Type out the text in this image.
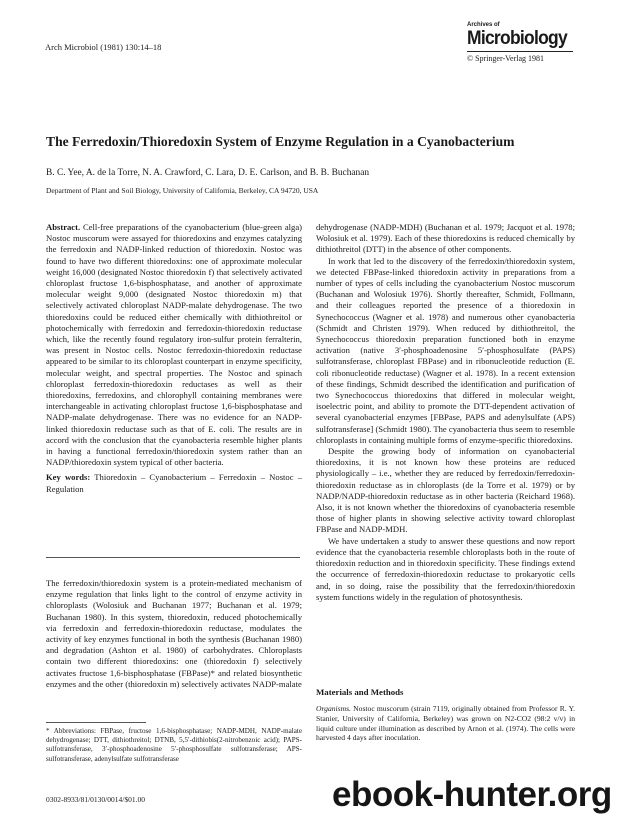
Arch Microbiol (1981) 130:14–18
Archives of
Microbiology
© Springer-Verlag 1981
The Ferredoxin/Thioredoxin System of Enzyme Regulation in a Cyanobacterium
B. C. Yee, A. de la Torre, N. A. Crawford, C. Lara, D. E. Carlson, and B. B. Buchanan
Department of Plant and Soil Biology, University of California, Berkeley, CA 94720, USA
Abstract. Cell-free preparations of the cyanobacterium (blue-green alga) Nostoc muscorum were assayed for thioredoxins and enzymes catalyzing the ferredoxin and NADP-linked reduction of thioredoxin. Nostoc was found to have two different thioredoxins: one of approximate molecular weight 16,000 (designated Nostoc thioredoxin f) that selectively activated chloroplast fructose 1,6-bisphosphatase, and another of approximate molecular weight 9,000 (designated Nostoc thioredoxin m) that selectively activated chloroplast NADP-malate dehydrogenase. The two thioredoxins could be reduced either chemically with dithiothreitol or photochemically with ferredoxin and ferredoxin-thioredoxin reductase which, like the recently found regulatory iron-sulfur protein ferralterin, was present in Nostoc cells. Nostoc ferredoxin-thioredoxin reductase appeared to be similar to its chloroplast counterpart in enzyme specificity, molecular weight, and spectral properties. The Nostoc and spinach chloroplast ferredoxin-thioredoxin reductases as well as their thioredoxins, ferredoxins, and chlorophyll containing membranes were interchangeable in activating chloroplast fructose 1,6-bisphosphatase and NADP-malate dehydrogenase. There was no evidence for an NADP-linked thioredoxin reductase such as that of E. coli. The results are in accord with the conclusion that the cyanobacteria resemble higher plants in having a functional ferredoxin/thioredoxin system rather than an NADP/thioredoxin system typical of other bacteria.
Key words: Thioredoxin – Cyanobacterium – Ferredoxin – Nostoc – Regulation
The ferredoxin/thioredoxin system is a protein-mediated mechanism of enzyme regulation that links light to the control of enzyme activity in chloroplasts (Wolosiuk and Buchanan 1977; Buchanan et al. 1979; Buchanan 1980). In this system, thioredoxin, reduced photochemically via ferredoxin and ferredoxin-thioredoxin reductase, modulates the activity of key enzymes functional in both the synthesis (Buchanan 1980) and degradation (Ashton et al. 1980) of carbohydrates. Chloroplasts contain two different thioredoxins: one (thioredoxin f) selectively activates fructose 1,6-bisphosphatase (FBPase)* and related biosynthetic enzymes and the other (thioredoxin m) selectively activates NADP-malate
* Abbreviations: FBPase, fructose 1,6-bisphosphatase; NADP-MDH, NADP-malate dehydrogenase; DTT, dithiothreitol; DTNB, 5,5′-dithiobis(2-nitrobenzoic acid); PAPS-sulfotransferase, 3′-phosphoadenosine 5′-phosphosulfate sulfotransferase; APS-sulfotransferase, adenylsulfate sulfotransferase
0302-8933/81/0130/0014/$01.00

dehydrogenase (NADP-MDH) (Buchanan et al. 1979; Jacquot et al. 1978; Wolosiuk et al. 1979). Each of these thioredoxins is reduced chemically by dithiothreitol (DTT) in the absence of other components.

In work that led to the discovery of the ferredoxin/thioredoxin system, we detected FBPase-linked thioredoxin activity in preparations from a number of types of cells including the cyanobacterium Nostoc muscorum (Buchanan and Wolosiuk 1976). Shortly thereafter, Schmidt, Follmann, and their colleagues reported the presence of a thioredoxin in Synechococcus (Wagner et al. 1978) and numerous other cyanobacteria (Schmidt and Christen 1979). When reduced by dithiothreitol, the Synechococcus thioredoxin preparation functioned both in enzyme activation (native 3′-phosphoadenosine 5′-phosphosulfate (PAPS) sulfotransferase, chloroplast FBPase) and in ribonucleotide reduction (E. coli ribonucleotide reductase) (Wagner et al. 1978). In a recent extension of these findings, Schmidt described the identification and purification of two Synechococcus thioredoxins that differed in molecular weight, isoelectric point, and ability to promote the DTT-dependent activation of several cyanobacterial enzymes [FBPase, PAPS and adenylsulfate (APS) sulfotransferase] (Schmidt 1980). The cyanobacteria thus seem to resemble chloroplasts in containing multiple forms of enzyme-specific thioredoxins.

Despite the growing body of information on cyanobacterial thioredoxins, it is not known how these proteins are reduced physiologically – i.e., whether they are reduced by ferredoxin/ferredoxin-thioredoxin reductase as in chloroplasts (de la Torre et al. 1979) or by NADP/NADP-thioredoxin reductase as in other bacteria (Reichard 1968). Also, it is not known whether the thioredoxins of cyanobacteria resemble those of higher plants in showing selective activity toward chloroplast FBPase and NADP-MDH.

We have undertaken a study to answer these questions and now report evidence that the cyanobacteria resemble chloroplasts both in the route of thioredoxin reduction and in thioredoxin specificity. These findings extend the occurrence of ferredoxin-thioredoxin reductase to prokaryotic cells and, in so doing, raise the possibility that the ferredoxin/thioredoxin system functions widely in the regulation of photosynthesis.

Materials and Methods
Organisms. Nostoc muscorum (strain 7119, originally obtained from Professor R. Y. Stanier, University of California, Berkeley) was grown on N2-CO2 (98:2 v/v) in liquid culture under illumination as described by Arnon et al. (1974). The cells were harvested 4 days after inoculation.
ebook-hunter.org
